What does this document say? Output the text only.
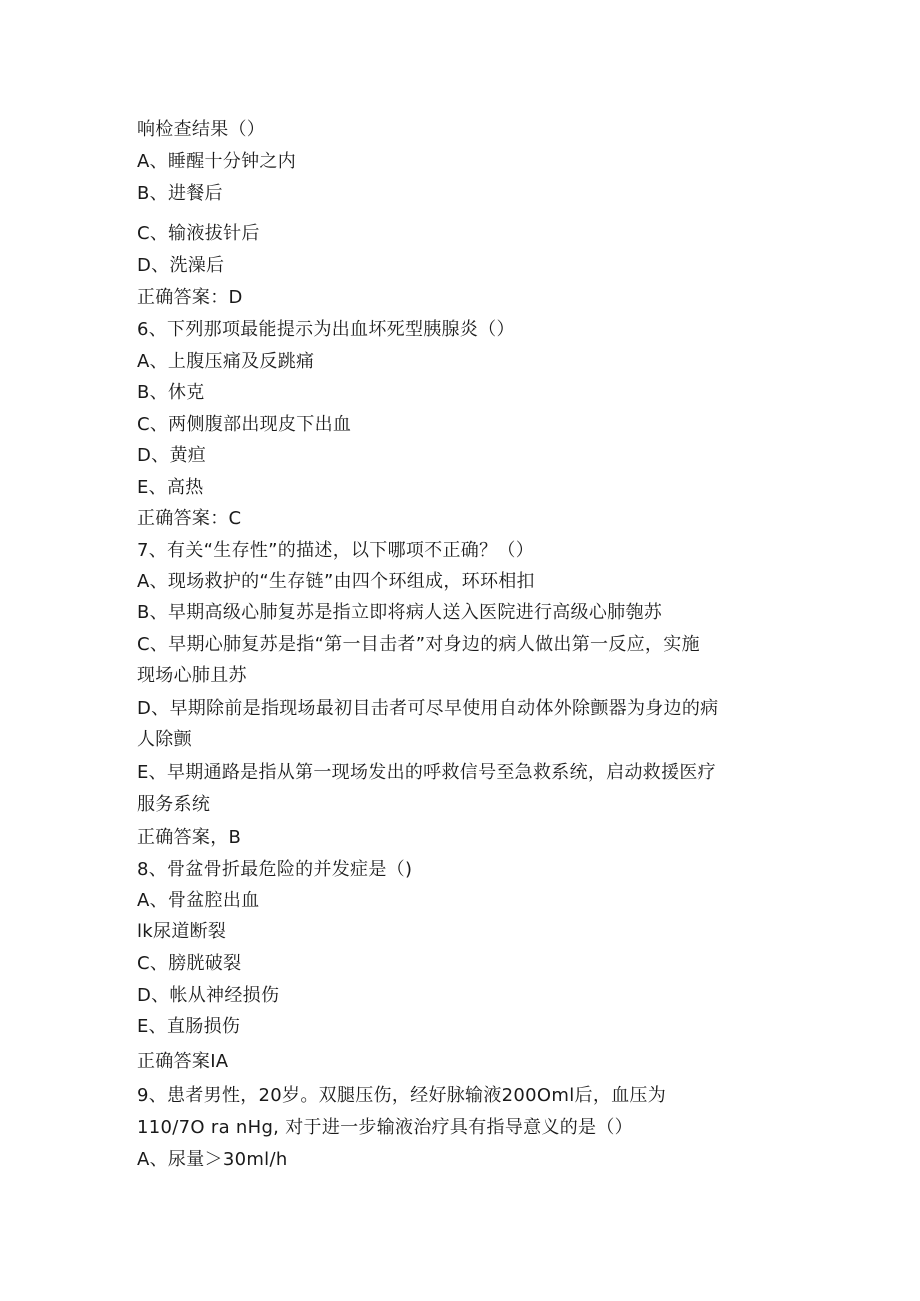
响检查结果（）
A、睡醒十分钟之内
B、进餐后
C、输液拔针后
D、洗澡后
正确答案：D
6、下列那项最能提示为出血坏死型胰腺炎（）
A、上腹压痛及反跳痛
B、休克
C、两侧腹部出现皮下出血
D、黄疸
E、高热
正确答案：C
7、有关“生存性”的描述，以下哪项不正确？（）
A、现场救护的“生存链”由四个环组成，环环相扣
B、早期高级心肺复苏是指立即将病人送入医院进行高级心肺匏苏
C、早期心肺复苏是指“第一目击者”对身边的病人做出第一反应，实施
现场心肺且苏
D、早期除前是指现场最初目击者可尽早使用自动体外除颤器为身边的病
人除颤
E、早期通路是指从第一现场发出的呼救信号至急救系统，启动救援医疗
服务系统
正确答案，B
8、骨盆骨折最危险的并发症是（)
A、骨盆腔出血
lk尿道断裂
C、膀胱破裂
D、帐从神经损伤
E、直肠损伤
正确答案IA
9、患者男性，20岁。双腿压伤，经好脉输液200Oml后，血压为
110/7O ra nHg, 对于进一步输液治疗具有指导意义的是（）
A、尿量＞30ml/h
